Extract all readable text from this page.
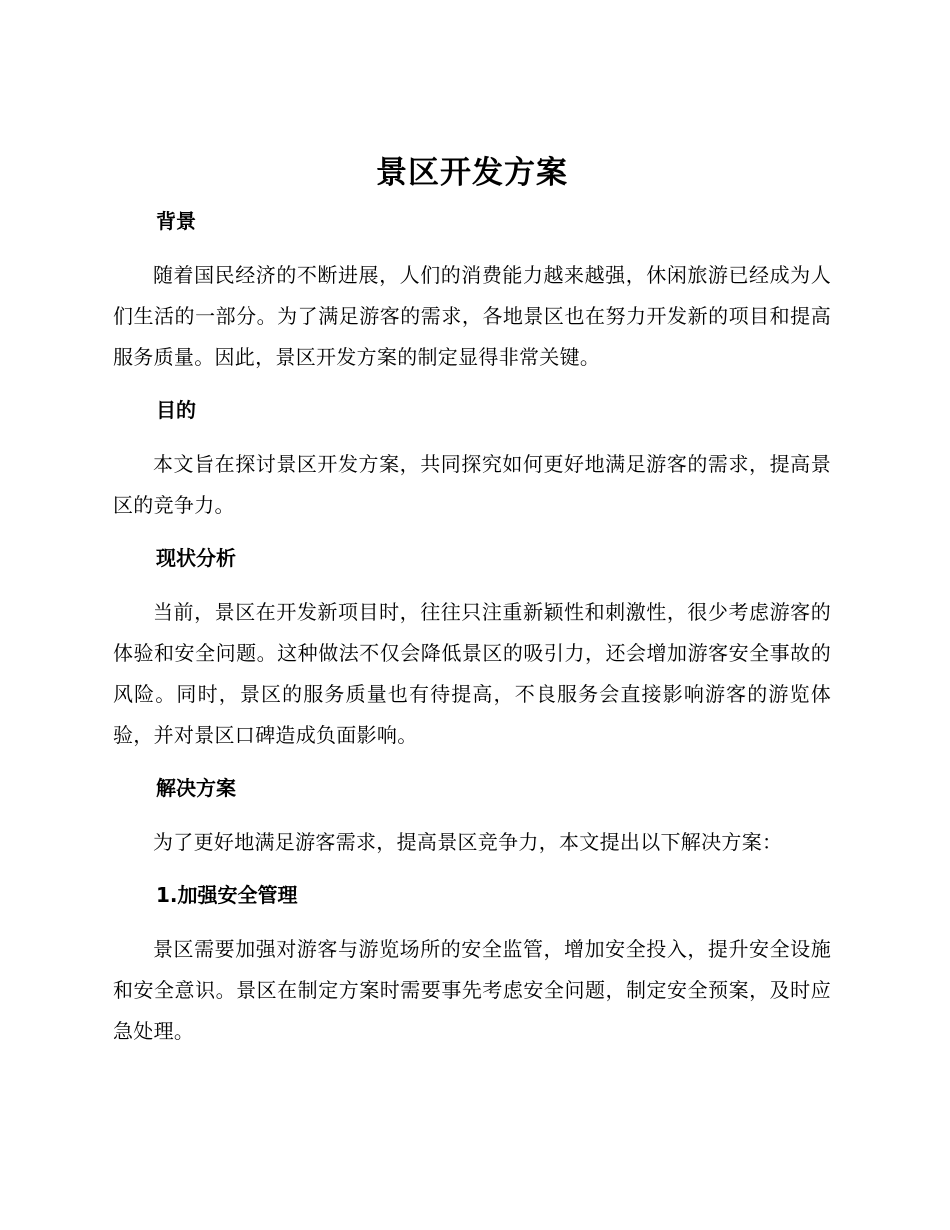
景区开发方案
背景

随着国民经济的不断进展，人们的消费能力越来越强，休闲旅游已经成为人们生活的一部分。为了满足游客的需求，各地景区也在努力开发新的项目和提高服务质量。因此，景区开发方案的制定显得非常关键。

目的

本文旨在探讨景区开发方案，共同探究如何更好地满足游客的需求，提高景区的竞争力。

现状分析

当前，景区在开发新项目时，往往只注重新颖性和刺激性，很少考虑游客的体验和安全问题。这种做法不仅会降低景区的吸引力，还会增加游客安全事故的风险。同时，景区的服务质量也有待提高，不良服务会直接影响游客的游览体验，并对景区口碑造成负面影响。

解决方案

为了更好地满足游客需求，提高景区竞争力，本文提出以下解决方案：

1.加强安全管理

景区需要加强对游客与游览场所的安全监管，增加安全投入，提升安全设施和安全意识。景区在制定方案时需要事先考虑安全问题，制定安全预案，及时应急处理。
